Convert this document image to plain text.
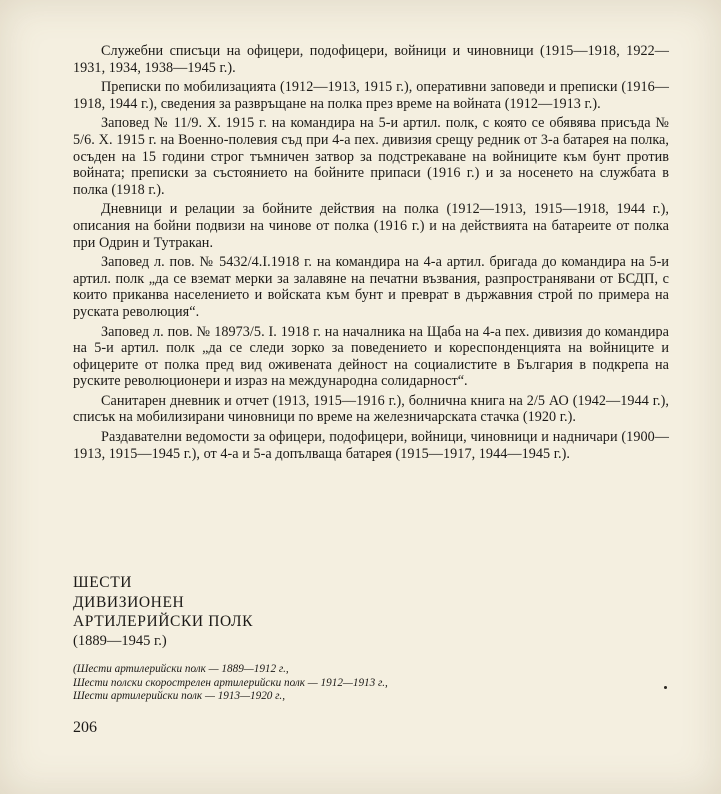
Служебни списъци на офицери, подофицери, войници и чиновници (1915—1918, 1922—1931, 1934, 1938—1945 г.).

Преписки по мобилизацията (1912—1913, 1915 г.), оперативни заповеди и преписки (1916—1918, 1944 г.), сведения за развръщане на полка през време на войната (1912—1913 г.).

Заповед № 11/9. X. 1915 г. на командира на 5-и артил. полк, с която се обявява присъда № 5/6. X. 1915 г. на Военно-полевия съд при 4-а пех. дивизия срещу редник от 3-а батарея на полка, осъден на 15 години строг тъмничен затвор за подстрекаване на войниците към бунт против войната; преписки за състоянието на бойните припаси (1916 г.) и за носенето на службата в полка (1918 г.).

Дневници и релации за бойните действия на полка (1912—1913, 1915—1918, 1944 г.), описания на бойни подвизи на чинове от полка (1916 г.) и на действията на батареите от полка при Одрин и Тутракан.

Заповед л. пов. № 5432/4.I.1918 г. на командира на 4-а артил. бригада до командира на 5-и артил. полк „да се вземат мерки за залавяне на печатни възвания, разпространявани от БСДП, с които приканва населението и войската към бунт и преврат в държавния строй по примера на руската революция“.

Заповед л. пов. № 18973/5. I. 1918 г. на началника на Щаба на 4-а пех. дивизия до командира на 5-и артил. полк „да се следи зорко за поведението и кореспонденцията на войниците и офицерите от полка пред вид оживената дейност на социалистите в България в подкрепа на руските революционери и израз на международна солидарност“.

Санитарен дневник и отчет (1913, 1915—1916 г.), болнична книга на 2/5 АО (1942—1944 г.), списък на мобилизирани чиновници по време на железничарската стачка (1920 г.).

Раздавателни ведомости за офицери, подофицери, войници, чиновници и надничари (1900—1913, 1915—1945 г.), от 4-а и 5-а допълваща батарея (1915—1917, 1944—1945 г.).

ШЕСТИ
ДИВИЗИОНЕН
АРТИЛЕРИЙСКИ ПОЛК
(1889—1945 г.)
(Шести артилерийски полк — 1889—1912 г.,
Шести полски скорострелен артилерийски полк — 1912—1913 г.,
Шести артилерийски полк — 1913—1920 г.,
206
